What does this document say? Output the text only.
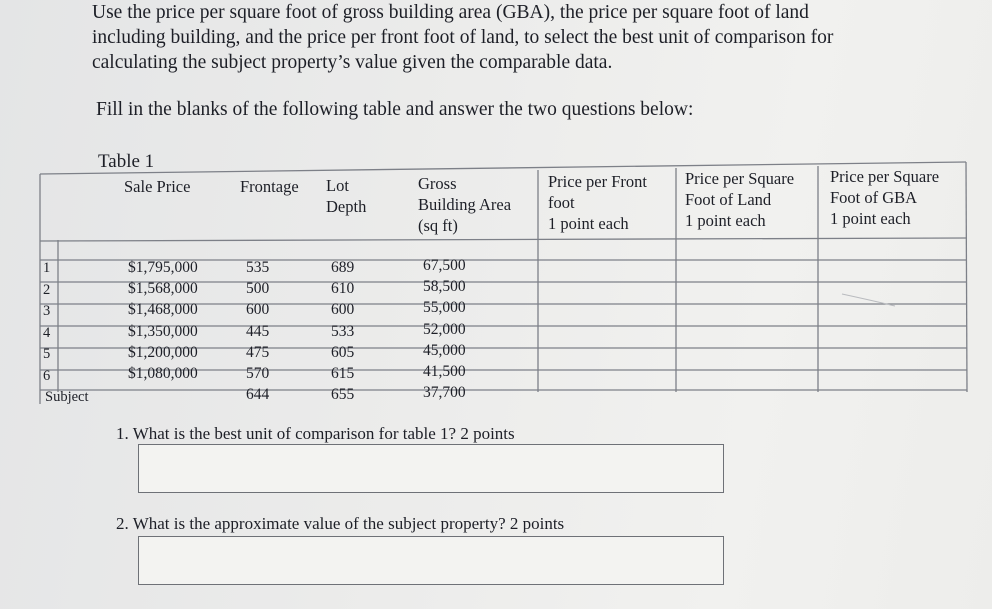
Use the price per square foot of gross building area (GBA), the price per square foot of land
including building, and the price per front foot of land, to select the best unit of comparison for
calculating the subject property’s value given the comparable data.
Fill in the blanks of the following table and answer the two questions below:
Table 1
Sale Price	Frontage Lot
Depth
Gross
Building Area
(sq ft)
Price per Front
foot
1 point each
Price per Square
Foot of Land
1 point each
Price per Square
Foot of GBA
1 point each
1
2
3
4
5
6
Subject
$1,795,000
$1,568,000
$1,468,000
$1,350,000
$1,200,000
$1,080,000
535
500
600
445
475
570
644
689
610
600
533
605
615
655
67,500
58,500
55,000
52,000
45,000
41,500
37,700
1. What is the best unit of comparison for table 1? 2 points
2. What is the approximate value of the subject property? 2 points
